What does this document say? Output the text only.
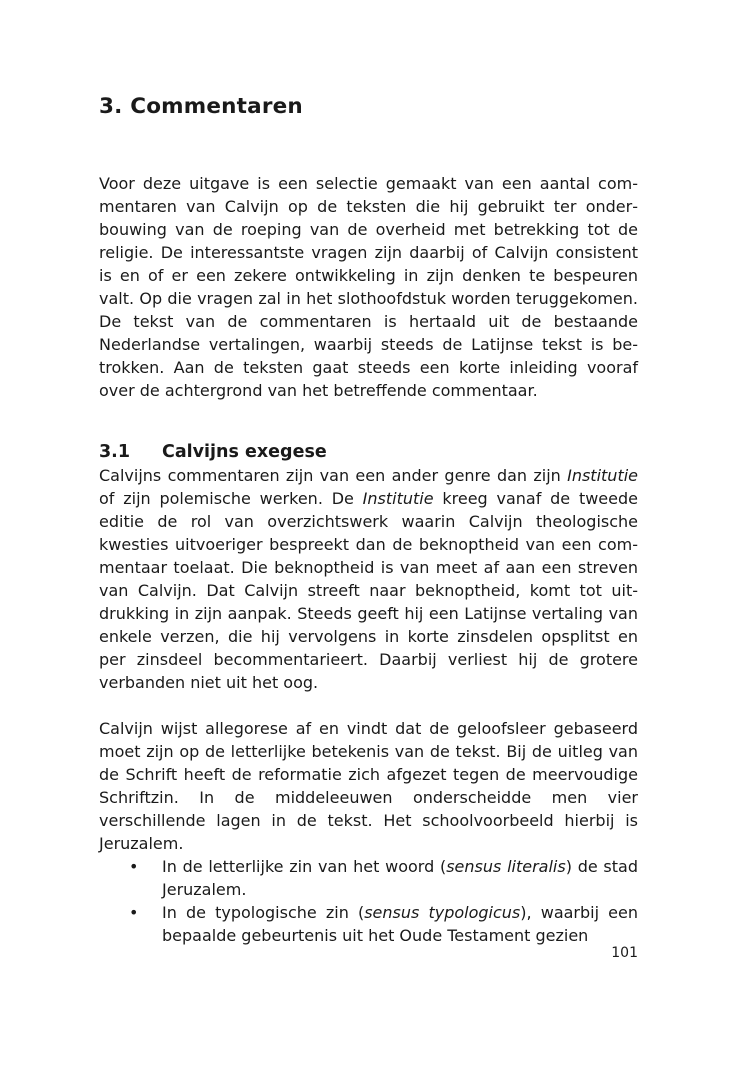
3. Commentaren

Voor deze uitgave is een selectie gemaakt van een aantal commentaren van Calvijn op de teksten die hij gebruikt ter onderbouwing van de roeping van de overheid met betrekking tot de religie. De interessantste vragen zijn daarbij of Calvijn consistent is en of er een zekere ontwikkeling in zijn denken te bespeuren valt. Op die vragen zal in het slothoofdstuk worden teruggekomen. De tekst van de commentaren is hertaald uit de bestaande Nederlandse vertalingen, waarbij steeds de Latijnse tekst is betrokken. Aan de teksten gaat steeds een korte inleiding vooraf over de achtergrond van het betreffende commentaar.

3.1 Calvijns exegese

Calvijns commentaren zijn van een ander genre dan zijn Institutie of zijn polemische werken. De Institutie kreeg vanaf de tweede editie de rol van overzichtswerk waarin Calvijn theologische kwesties uitvoeriger bespreekt dan de beknoptheid van een commentaar toelaat. Die beknoptheid is van meet af aan een streven van Calvijn. Dat Calvijn streeft naar beknoptheid, komt tot uitdrukking in zijn aanpak. Steeds geeft hij een Latijnse vertaling van enkele verzen, die hij vervolgens in korte zinsdelen opsplitst en per zinsdeel becommentarieert. Daarbij verliest hij de grotere verbanden niet uit het oog.

Calvijn wijst allegorese af en vindt dat de geloofsleer gebaseerd moet zijn op de letterlijke betekenis van de tekst. Bij de uitleg van de Schrift heeft de reformatie zich afgezet tegen de meervoudige Schriftzin. In de middeleeuwen onderscheidde men vier verschillende lagen in de tekst. Het schoolvoorbeeld hierbij is Jeruzalem.

• In de letterlijke zin van het woord (sensus literalis) de stad Jeruzalem.
• In de typologische zin (sensus typologicus), waarbij een bepaalde gebeurtenis uit het Oude Testament gezien
101
